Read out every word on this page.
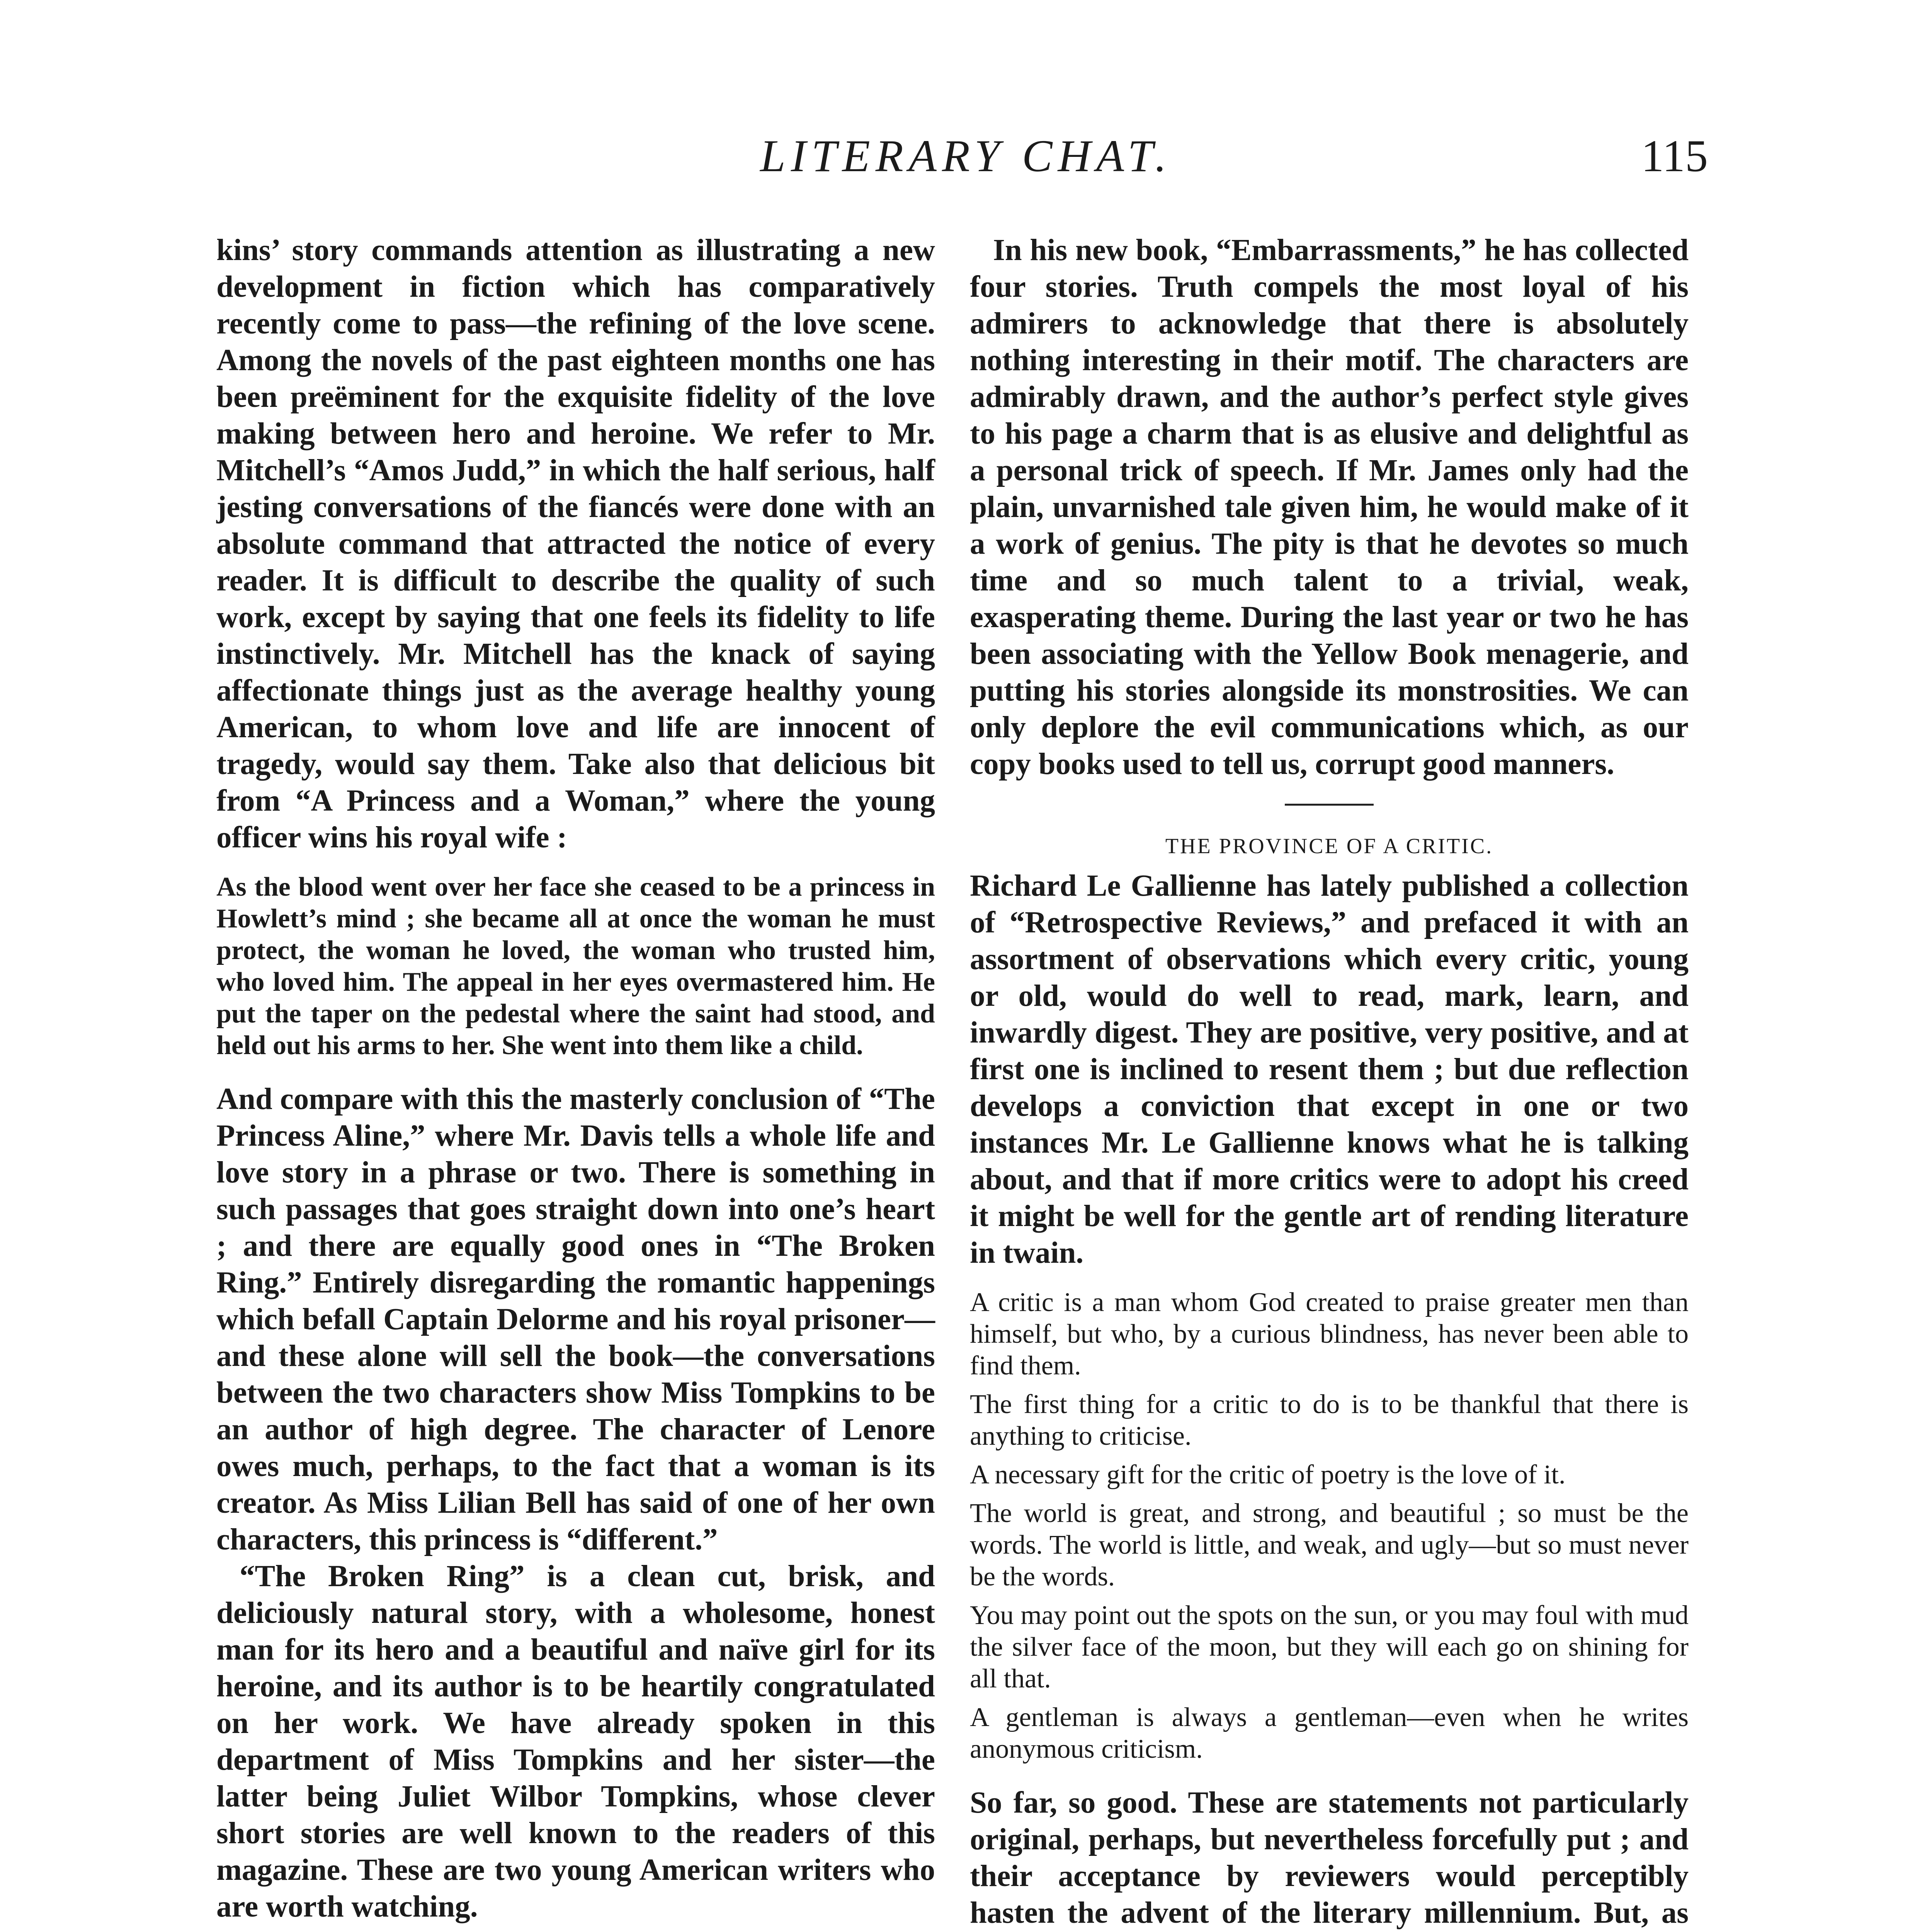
LITERARY CHAT.	115

kins’ story commands attention as illustrating a new development in fiction which has comparatively recently come to pass—the refining of the love scene. Among the novels of the past eighteen months one has been preëminent for the exquisite fidelity of the love making between hero and heroine. We refer to Mr. Mitchell’s “Amos Judd,” in which the half serious, half jesting conversations of the fiancés were done with an absolute command that attracted the notice of every reader. It is difficult to describe the quality of such work, except by saying that one feels its fidelity to life instinctively. Mr. Mitchell has the knack of saying affectionate things just as the average healthy young American, to whom love and life are innocent of tragedy, would say them. Take also that delicious bit from “A Princess and a Woman,” where the young officer wins his royal wife :

As the blood went over her face she ceased to be a princess in Howlett’s mind ; she became all at once the woman he must protect, the woman he loved, the woman who trusted him, who loved him. The appeal in her eyes overmastered him. He put the taper on the pedestal where the saint had stood, and held out his arms to her. She went into them like a child.

And compare with this the masterly conclusion of “The Princess Aline,” where Mr. Davis tells a whole life and love story in a phrase or two. There is something in such passages that goes straight down into one’s heart ; and there are equally good ones in “The Broken Ring.” Entirely disregarding the romantic happenings which befall Captain Delorme and his royal prisoner—and these alone will sell the book—the conversations between the two characters show Miss Tompkins to be an author of high degree. The character of Lenore owes much, perhaps, to the fact that a woman is its creator. As Miss Lilian Bell has said of one of her own characters, this princess is “different.”

“The Broken Ring” is a clean cut, brisk, and deliciously natural story, with a wholesome, honest man for its hero and a beautiful and naïve girl for its heroine, and its author is to be heartily congratulated on her work. We have already spoken in this department of Miss Tompkins and her sister—the latter being Juliet Wilbor Tompkins, whose clever short stories are well known to the readers of this magazine. These are two young American writers who are worth watching.

In his new book, “Embarrassments,” he has collected four stories. Truth compels the most loyal of his admirers to acknowledge that there is absolutely nothing interesting in their motif. The characters are admirably drawn, and the author’s perfect style gives to his page a charm that is as elusive and delightful as a personal trick of speech. If Mr. James only had the plain, unvarnished tale given him, he would make of it a work of genius. The pity is that he devotes so much time and so much talent to a trivial, weak, exasperating theme. During the last year or two he has been associating with the Yellow Book menagerie, and putting his stories alongside its monstrosities. We can only deplore the evil communications which, as our copy books used to tell us, corrupt good manners.

THE PROVINCE OF A CRITIC.

Richard Le Gallienne has lately published a collection of “Retrospective Reviews,” and prefaced it with an assortment of observations which every critic, young or old, would do well to read, mark, learn, and inwardly digest. They are positive, very positive, and at first one is inclined to resent them ; but due reflection develops a conviction that except in one or two instances Mr. Le Gallienne knows what he is talking about, and that if more critics were to adopt his creed it might be well for the gentle art of rending literature in twain.

A critic is a man whom God created to praise greater men than himself, but who, by a curious blindness, has never been able to find them.

The first thing for a critic to do is to be thankful that there is anything to criticise.

A necessary gift for the critic of poetry is the love of it.

The world is great, and strong, and beautiful ; so must be the words. The world is little, and weak, and ugly—but so must never be the words.

You may point out the spots on the sun, or you may foul with mud the silver face of the moon, but they will each go on shining for all that.

A gentleman is always a gentleman—even when he writes anonymous criticism.

So far, so good. These are statements not particularly original, perhaps, but nevertheless forcefully put ; and their acceptance by reviewers would perceptibly hasten the advent of the literary millennium. But, as
